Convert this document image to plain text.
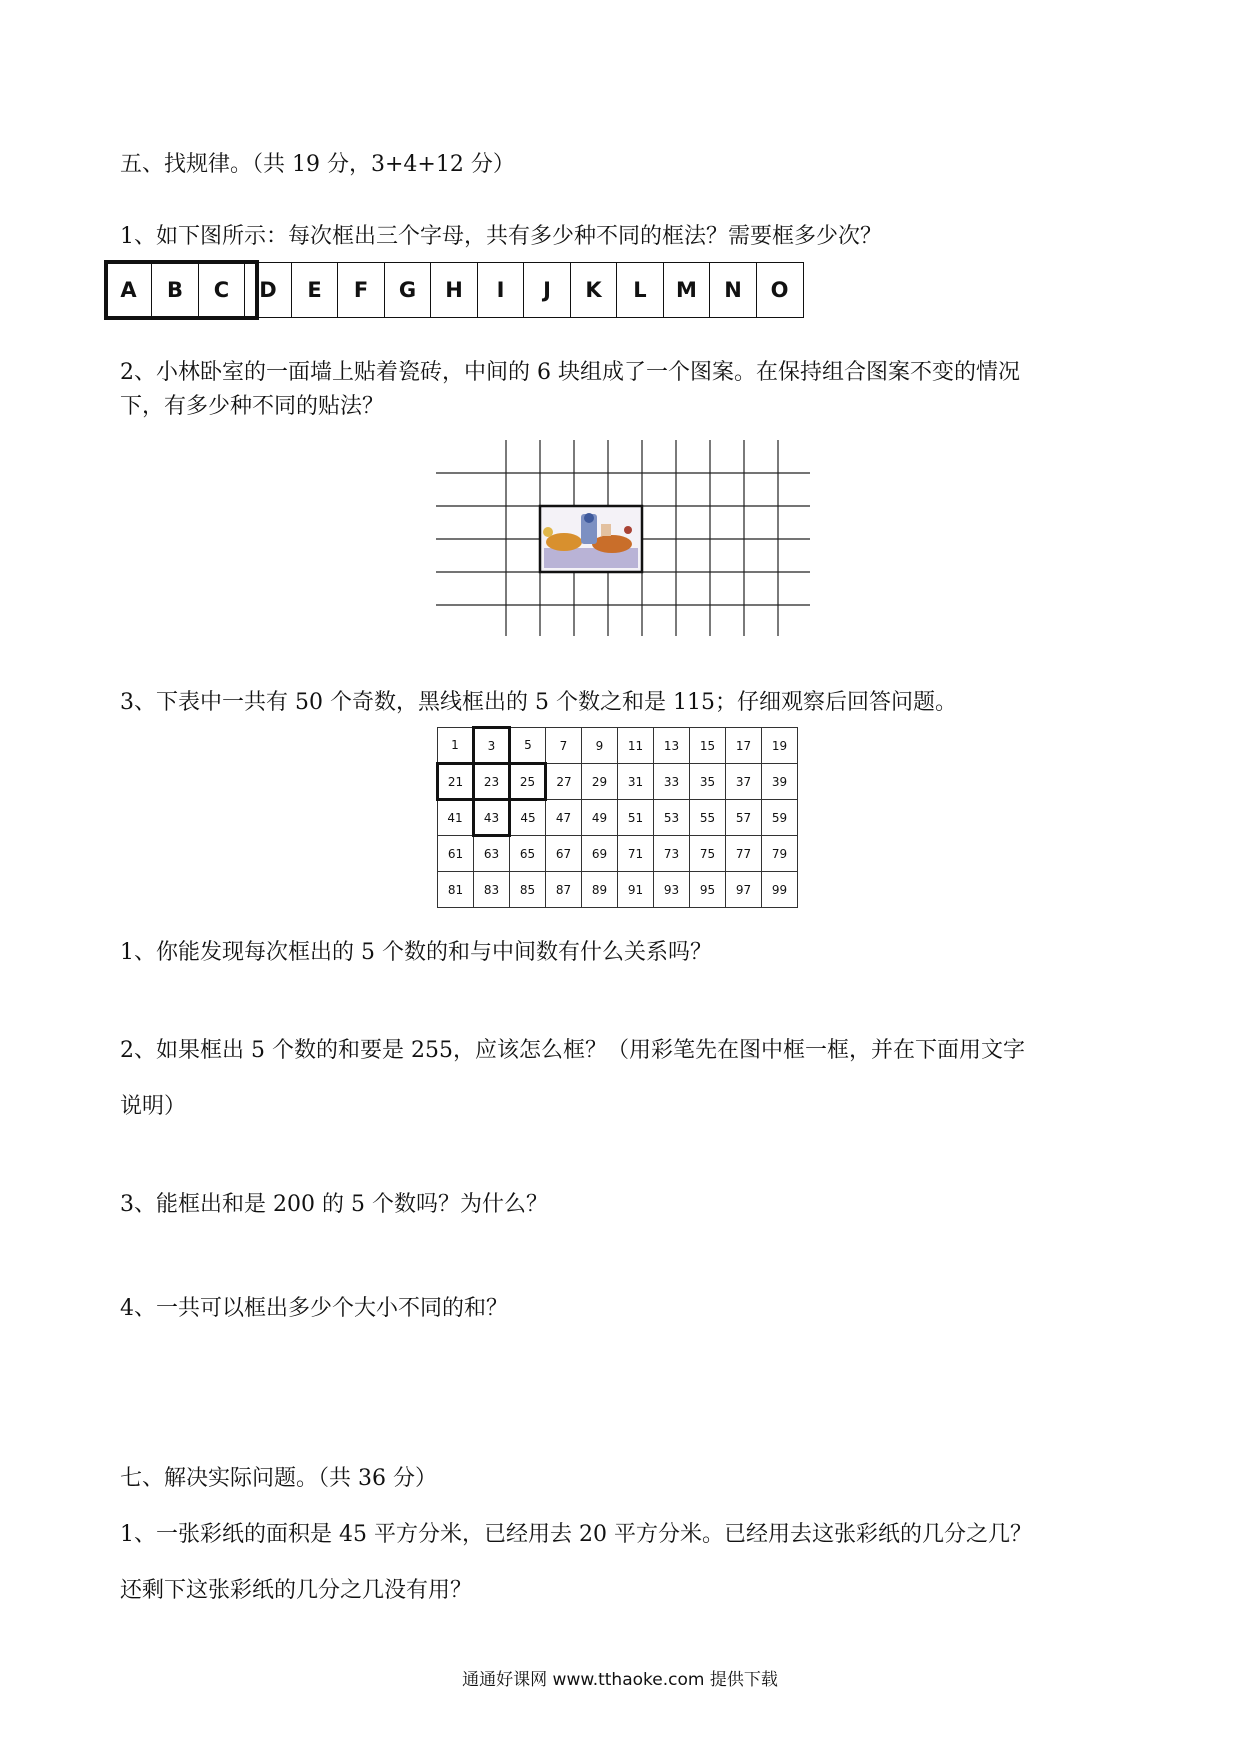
五、找规律。（共 19 分，3+4+12 分）
1、如下图所示：每次框出三个字母，共有多少种不同的框法？需要框多少次？
A	B	C	D	E	F	G	H	I	J	K	L	M	N	O
2、小林卧室的一面墙上贴着瓷砖，中间的 6 块组成了一个图案。在保持组合图案不变的情况
下，有多少种不同的贴法？
3、下表中一共有 50 个奇数，黑线框出的 5 个数之和是 115；仔细观察后回答问题。
1	3	5	7	9	11	13	15	17	19
21	23	25	27	29	31	33	35	37	39
41	43	45	47	49	51	53	55	57	59
61	63	65	67	69	71	73	75	77	79
81	83	85	87	89	91	93	95	97	99
1、你能发现每次框出的 5 个数的和与中间数有什么关系吗？
2、如果框出 5 个数的和要是 255，应该怎么框？（用彩笔先在图中框一框，并在下面用文字
说明）
3、能框出和是 200 的 5 个数吗？为什么？
4、一共可以框出多少个大小不同的和？
七、解决实际问题。（共 36 分）
1、一张彩纸的面积是 45 平方分米，已经用去 20 平方分米。已经用去这张彩纸的几分之几？
还剩下这张彩纸的几分之几没有用？
通通好课网 www.tthaoke.com 提供下载
